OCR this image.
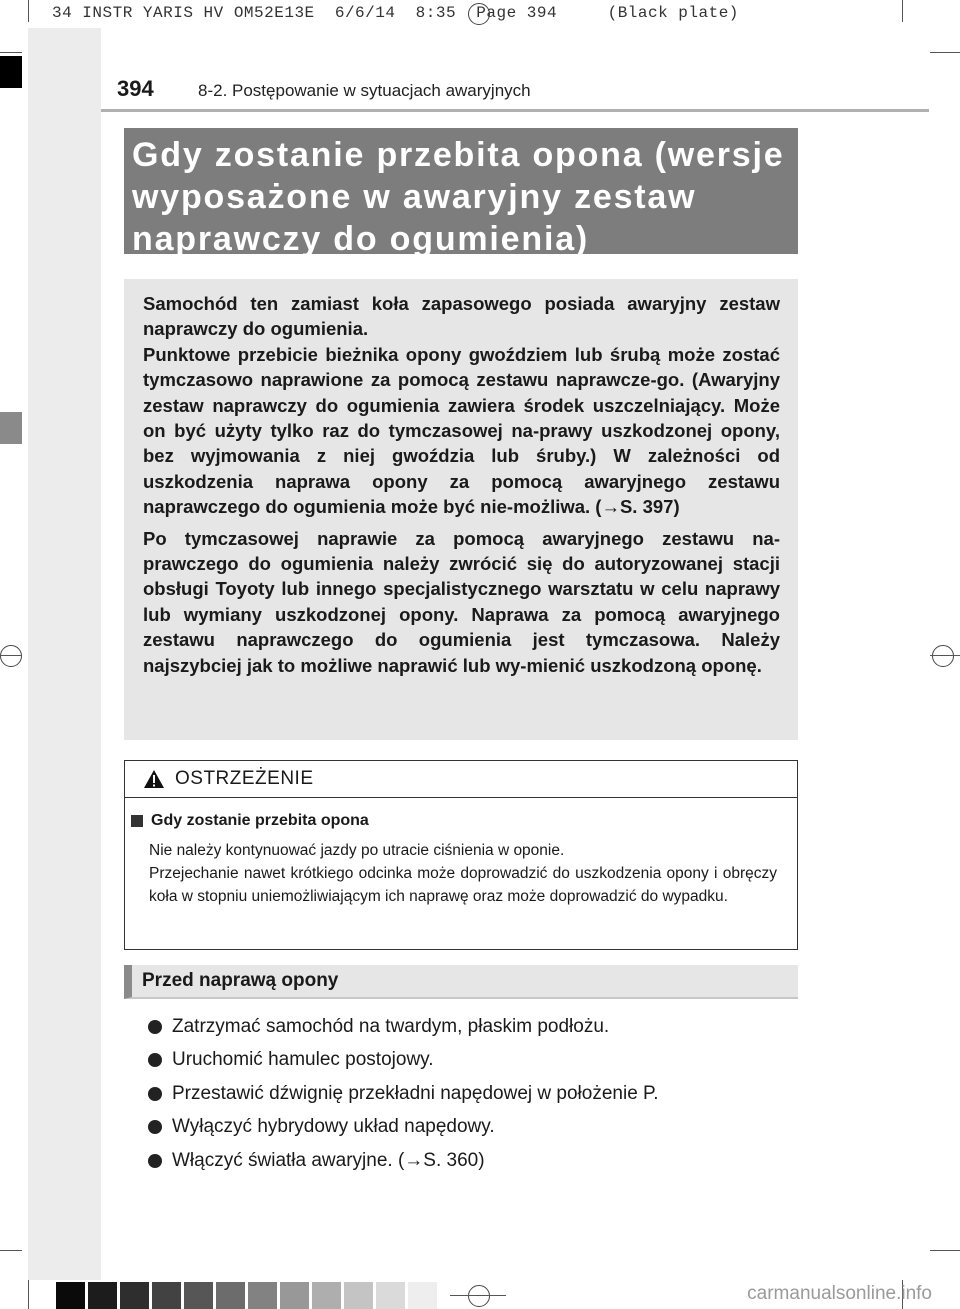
34 INSTR YARIS HV OM52E13E  6/6/14  8:35  Page 394     (Black plate)
394	8-2. Postępowanie w sytuacjach awaryjnych
Gdy zostanie przebita opona (wersje
wyposażone w awaryjny zestaw
naprawczy do ogumienia)

Samochód ten zamiast koła zapasowego posiada awaryjny zestaw naprawczy do ogumienia.

Punktowe przebicie bieżnika opony gwoździem lub śrubą może zostać tymczasowo naprawione za pomocą zestawu naprawcze-go. (Awaryjny zestaw naprawczy do ogumienia zawiera środek uszczelniający. Może on być użyty tylko raz do tymczasowej na-prawy uszkodzonej opony, bez wyjmowania z niej gwoździa lub śruby.) W zależności od uszkodzenia naprawa opony za pomocą awaryjnego zestawu naprawczego do ogumienia może być nie-możliwa. (→S. 397)

Po tymczasowej naprawie za pomocą awaryjnego zestawu na-prawczego do ogumienia należy zwrócić się do autoryzowanej stacji obsługi Toyoty lub innego specjalistycznego warsztatu w celu naprawy lub wymiany uszkodzonej opony. Naprawa za pomocą awaryjnego zestawu naprawczego do ogumienia jest tymczasowa. Należy najszybciej jak to możliwe naprawić lub wy-mienić uszkodzoną oponę.

OSTRZEŻENIE
Gdy zostanie przebita opona

Nie należy kontynuować jazdy po utracie ciśnienia w oponie.

Przejechanie nawet krótkiego odcinka może doprowadzić do uszkodzenia opony i obręczy koła w stopniu uniemożliwiającym ich naprawę oraz może doprowadzić do wypadku.

Przed naprawą opony
Zatrzymać samochód na twardym, płaskim podłożu.
Uruchomić hamulec postojowy.
Przestawić dźwignię przekładni napędowej w położenie P.
Wyłączyć hybrydowy układ napędowy.
Włączyć światła awaryjne. (→S. 360)
carmanualsonline.info
